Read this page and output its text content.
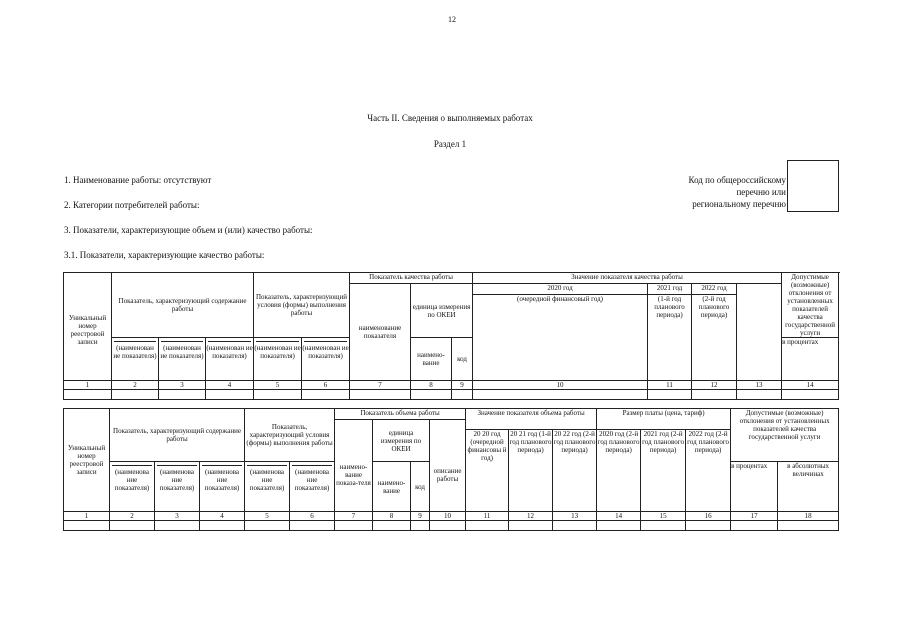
12
Часть II. Сведения о выполняемых работах
Раздел 1
1. Наименование работы: отсутствуют
2. Категории потребителей работы:
3. Показатели, характеризующие объем и (или) качество работы:
3.1. Показатели, характеризующие качество работы:
Код по общероссийскому
перечню или
региональному перечню
Уникальный номер реестровой записи	Показатель, характеризующий содержание работы			Показатель, характеризующий условия (формы) выполнения работы		Показатель качества работы			Значение показателя качества работы				Допустимые (возможные) отклонения от установленных показателей качества государственной услуги	
						наименование показателя	единица измерения по ОКЕИ		2020 год	2021 год	2022 год			
									(очередной финансовый год)	(1-й год планового периода)	(2-й год планового периода)			

(наименован ие показателя)	(наименован ие показателя)	(наименован ие показателя)	(наименован ие показателя)	(наименован ие показателя)		наимено-вание	код					в процентах	
1	2	3	4	5	6	7	8	9	10	11	12	13	14	

Уникальный номер реестровой записи	Показатель, характеризующий содержание работы			Показатель, характеризующий условия (формы) выполнения работы		Показатель объема работы				Значение показателя объема работы			Размер платы (цена, тариф)			Допустимые (возможные) отклонения от установленных показателей качества государственной услуги	
						наимено-вание показа-теля	единица измерения по ОКЕИ		описание работы								
										20 20 год (очередной финансовы й год)	20 21 год (1-й год планового периода)	20 22 год (2-й год планового периода)	2020 год (2-й год планового периода)	2021 год (2-й год планового периода)	2022 год (2-й год планового периода)		

(наименова ние показателя)	(наименова ние показателя)	(наименова ние показателя)	(наименова ние показателя)	(наименова ние показателя)		наимено-вание	код								в процентах	в абсолютных величинах
1	2	3	4	5	6	7	8	9	10	11	12	13	14	15	16	17	18
